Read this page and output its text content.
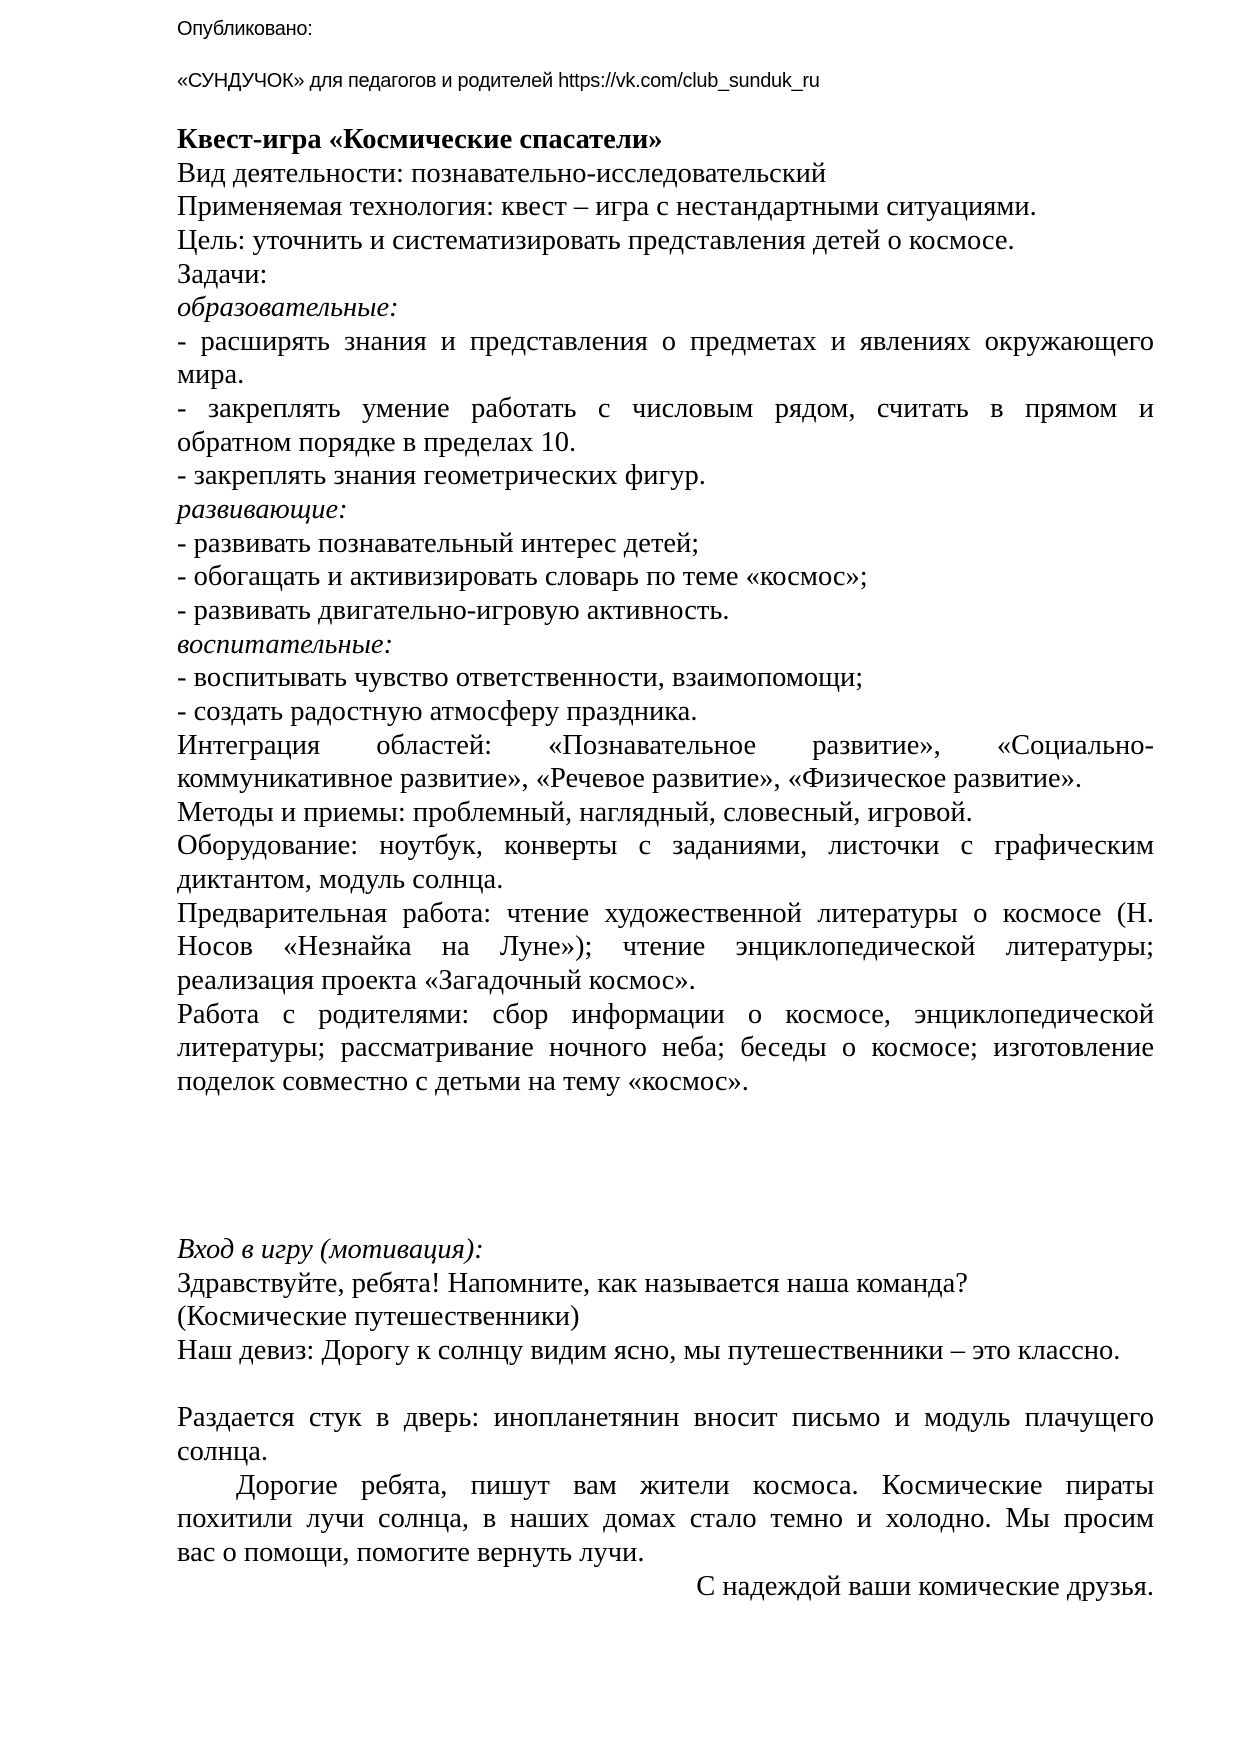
Опубликовано:
«СУНДУЧОК» для педагогов и родителей https://vk.com/club_sunduk_ru
Квест-игра «Космические спасатели»
Вид деятельности: познавательно-исследовательский
Применяемая технология: квест – игра с нестандартными ситуациями.
Цель: уточнить и систематизировать представления детей о космосе.
Задачи:
образовательные:
- расширять знания и представления о предметах и явлениях окружающего
мира.
- закреплять умение работать с числовым рядом, считать в прямом и
обратном порядке в пределах 10.
- закреплять знания геометрических фигур.
развивающие:
- развивать познавательный интерес детей;
- обогащать и активизировать словарь по теме «космос»;
- развивать двигательно-игровую активность.
воспитательные:
- воспитывать чувство ответственности, взаимопомощи;
- создать радостную атмосферу праздника.
Интеграция областей: «Познавательное развитие», «Социально-
коммуникативное развитие», «Речевое развитие», «Физическое развитие».
Методы и приемы: проблемный, наглядный, словесный, игровой.
Оборудование: ноутбук, конверты с заданиями, листочки с графическим
диктантом, модуль солнца.
Предварительная работа: чтение художественной литературы о космосе (Н.
Носов «Незнайка на Луне»); чтение энциклопедической литературы;
реализация проекта «Загадочный космос».
Работа с родителями: сбор информации о космосе, энциклопедической
литературы; рассматривание ночного неба; беседы о космосе; изготовление
поделок совместно с детьми на тему «космос».
Вход в игру (мотивация):
Здравствуйте, ребята! Напомните, как называется наша команда?
(Космические путешественники)
Наш девиз: Дорогу к солнцу видим ясно, мы путешественники – это классно.
Раздается стук в дверь: инопланетянин вносит письмо и модуль плачущего
солнца.
Дорогие ребята, пишут вам жители космоса. Космические пираты
похитили лучи солнца, в наших домах стало темно и холодно. Мы просим
вас о помощи, помогите вернуть лучи.
С надеждой ваши комические друзья.
